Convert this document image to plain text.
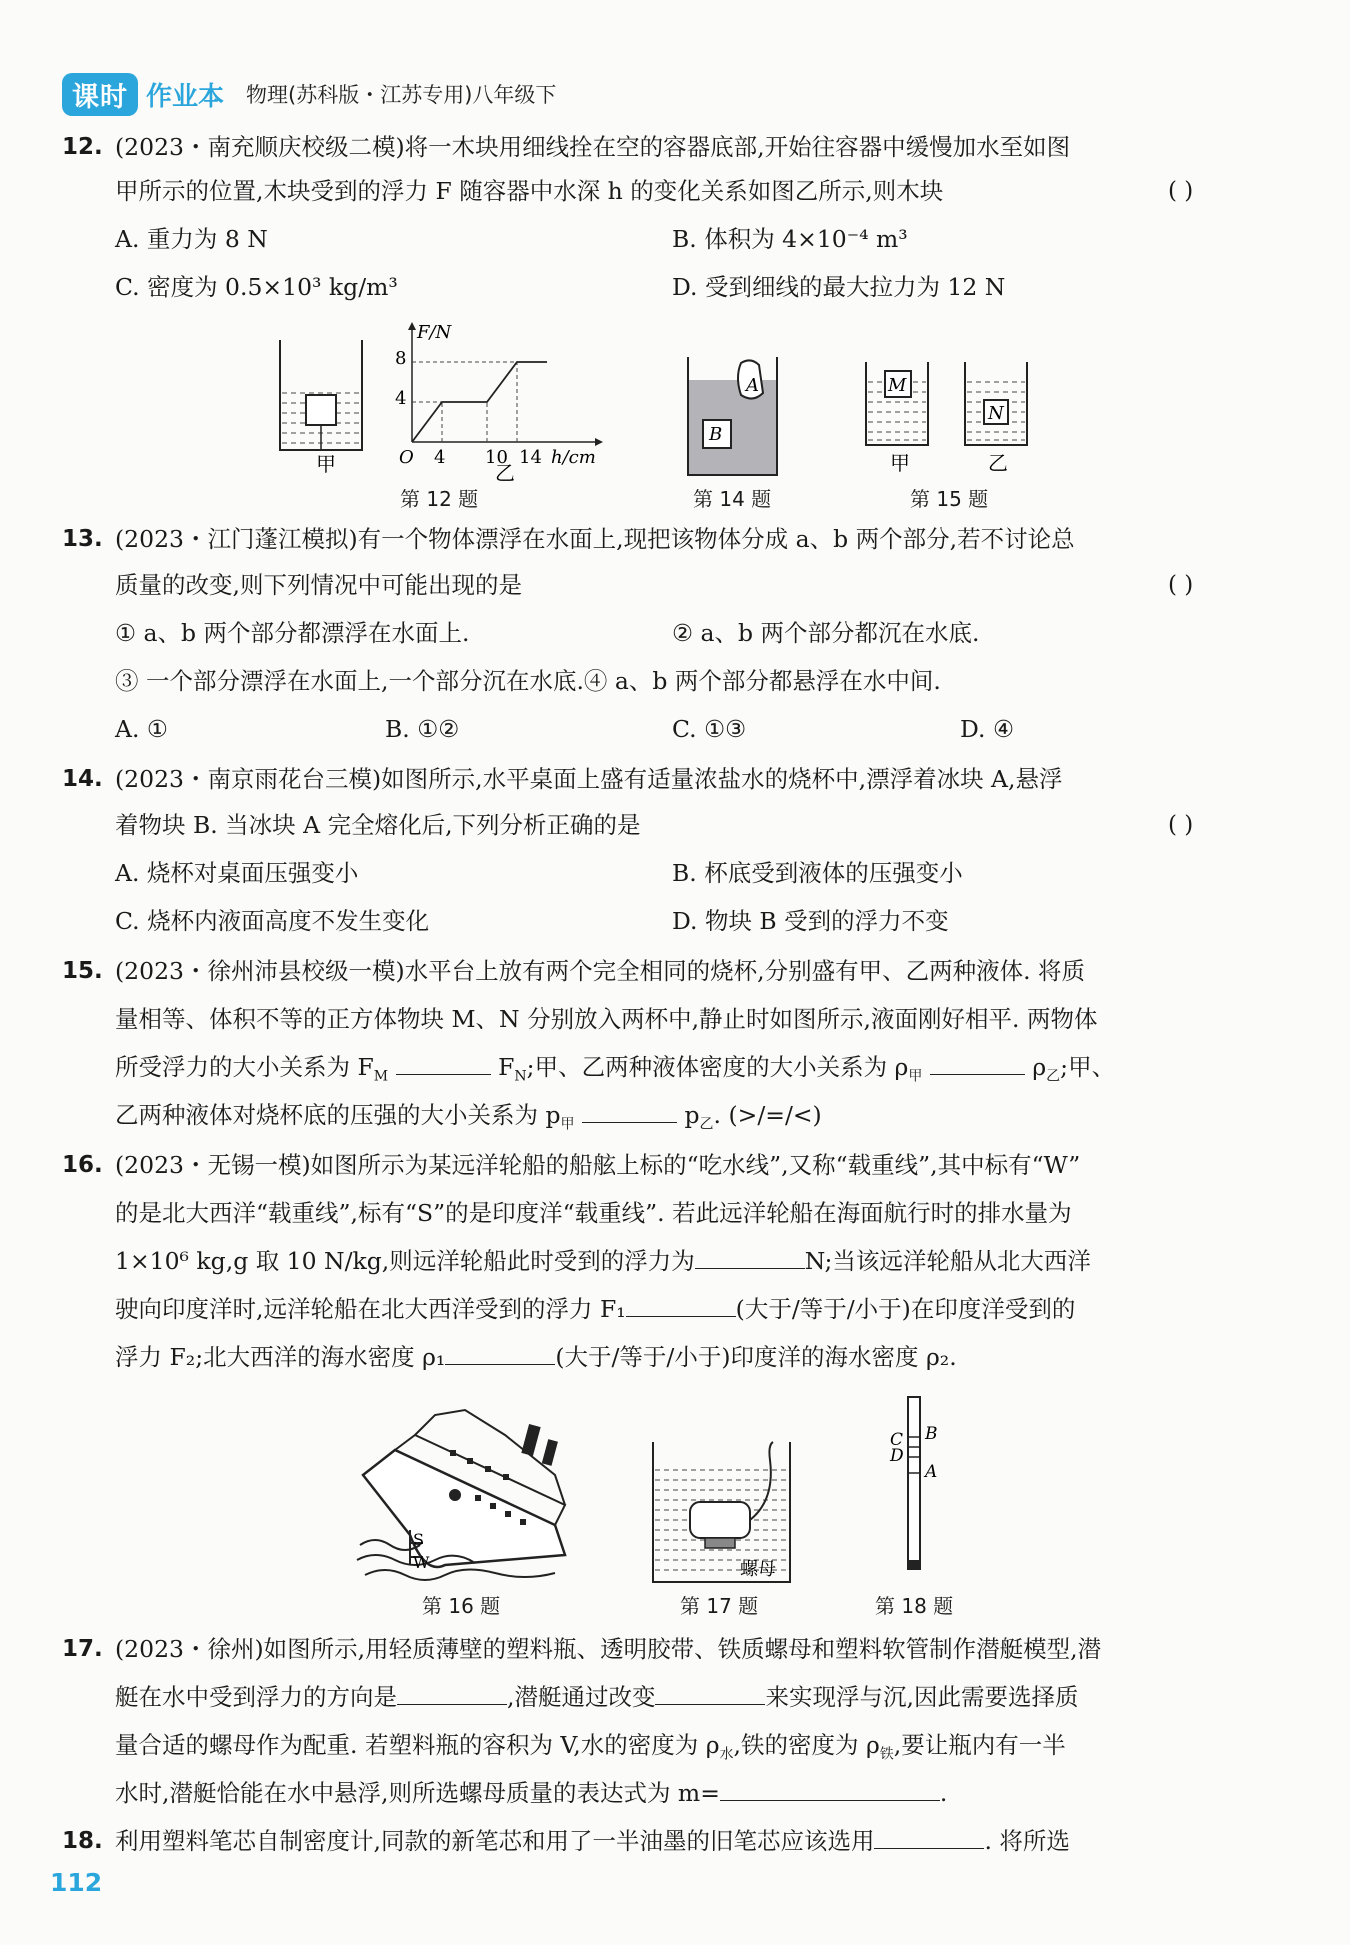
课时 作业本 物理(苏科版・江苏专用)八年级下
12. (2023・南充顺庆校级二模)将一木块用细线拴在空的容器底部,开始往容器中缓慢加水至如图
甲所示的位置,木块受到的浮力 F 随容器中水深 h 的变化关系如图乙所示,则木块	( )
A. 重力为 8 N	B. 体积为 4×10⁻⁴ m³
C. 密度为 0.5×10³ kg/m³	D. 受到细线的最大拉力为 12 N
甲
F/N
8
4
O 4 10 14 h/cm
乙
第 12 题
A
B
第 14 题
M
N
甲	乙
第 15 题
13. (2023・江门蓬江模拟)有一个物体漂浮在水面上,现把该物体分成 a、b 两个部分,若不讨论总
质量的改变,则下列情况中可能出现的是	( )
① a、b 两个部分都漂浮在水面上.	② a、b 两个部分都沉在水底.
③ 一个部分漂浮在水面上,一个部分沉在水底.④ a、b 两个部分都悬浮在水中间.
A. ①	B. ①②	C. ①③	D. ④
14. (2023・南京雨花台三模)如图所示,水平桌面上盛有适量浓盐水的烧杯中,漂浮着冰块 A,悬浮
着物块 B. 当冰块 A 完全熔化后,下列分析正确的是	( )
A. 烧杯对桌面压强变小	B. 杯底受到液体的压强变小
C. 烧杯内液面高度不发生变化	D. 物块 B 受到的浮力不变
15. (2023・徐州沛县校级一模)水平台上放有两个完全相同的烧杯,分别盛有甲、乙两种液体. 将质
量相等、体积不等的正方体物块 M、N 分别放入两杯中,静止时如图所示,液面刚好相平. 两物体
所受浮力的大小关系为 $F_M$	$F_N$;甲、乙两种液体密度的大小关系为 $\rho_甲$	$\rho_乙$;甲、
乙两种液体对烧杯底的压强的大小关系为 $p_甲$	$p_乙$. (>/=/<)
16. (2023・无锡一模)如图所示为某远洋轮船的船舷上标的“吃水线”,又称“载重线”,其中标有“W”
的是北大西洋“载重线”,标有“S”的是印度洋“载重线”. 若此远洋轮船在海面航行时的排水量为
1×10⁶ kg,g 取 10 N/kg,则远洋轮船此时受到的浮力为	N;当该远洋轮船从北大西洋
驶向印度洋时,远洋轮船在北大西洋受到的浮力 F₁	(大于/等于/小于)在印度洋受到的
浮力 F₂;北大西洋的海水密度 ρ₁	(大于/等于/小于)印度洋的海水密度 ρ₂.
S
W
第 16 题
螺母
第 17 题
C
D
B
A
第 18 题
17. (2023・徐州)如图所示,用轻质薄壁的塑料瓶、透明胶带、铁质螺母和塑料软管制作潜艇模型,潜
艇在水中受到浮力的方向是	,潜艇通过改变	来实现浮与沉,因此需要选择质
量合适的螺母作为配重. 若塑料瓶的容积为 V,水的密度为 $\rho_水$,铁的密度为 $\rho_铁$,要让瓶内有一半
水时,潜艇恰能在水中悬浮,则所选螺母质量的表达式为 m=	.
18. 利用塑料笔芯自制密度计,同款的新笔芯和用了一半油墨的旧笔芯应该选用	. 将所选
112
